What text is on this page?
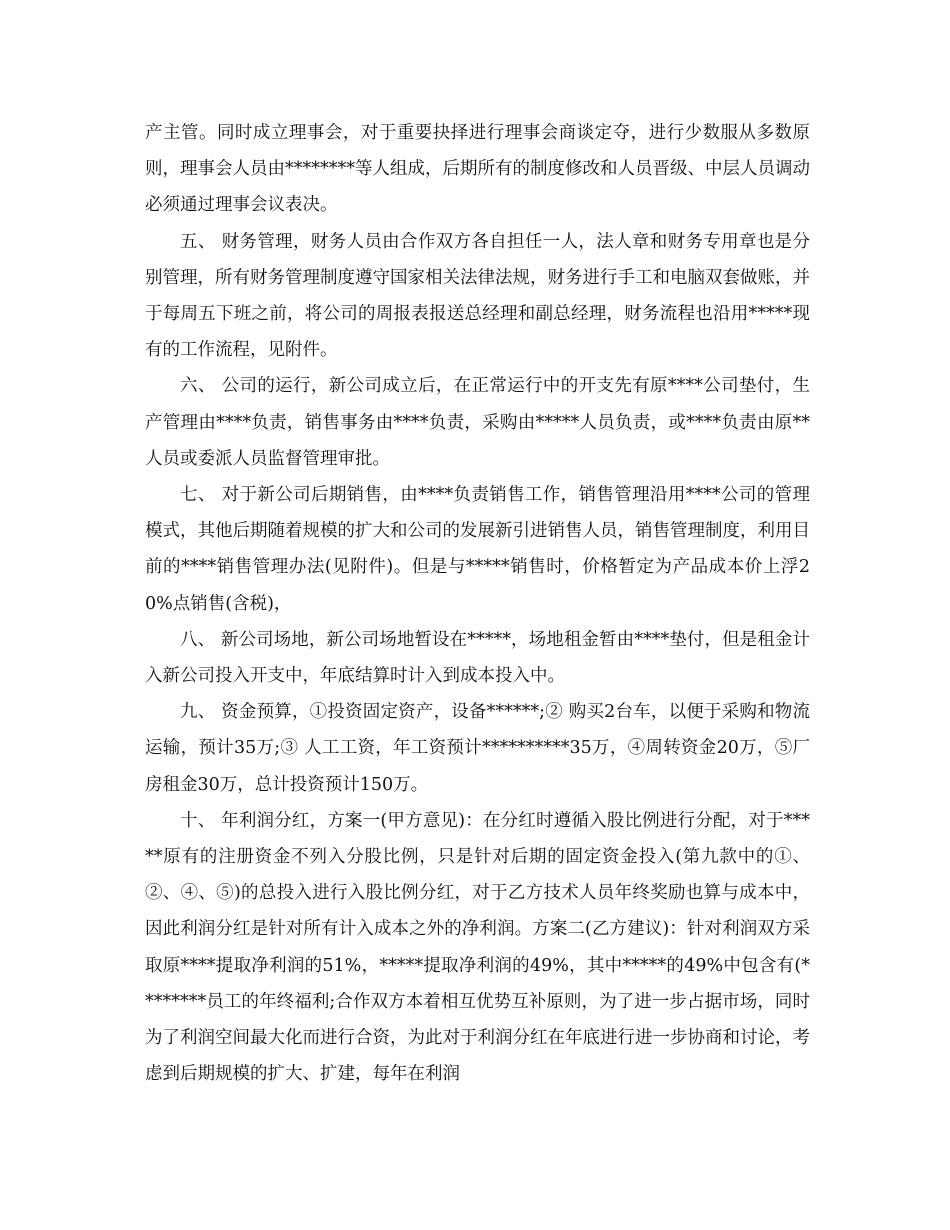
产主管。同时成立理事会，对于重要抉择进行理事会商谈定夺，进行少数服从多数原则，理事会人员由********等人组成，后期所有的制度修改和人员晋级、中层人员调动必须通过理事会议表决。

五、 财务管理，财务人员由合作双方各自担任一人，法人章和财务专用章也是分别管理，所有财务管理制度遵守国家相关法律法规，财务进行手工和电脑双套做账，并于每周五下班之前，将公司的周报表报送总经理和副总经理，财务流程也沿用*****现有的工作流程，见附件。

六、 公司的运行，新公司成立后，在正常运行中的开支先有原****公司垫付，生产管理由****负责，销售事务由****负责，采购由*****人员负责，或****负责由原**人员或委派人员监督管理审批。

七、 对于新公司后期销售，由****负责销售工作，销售管理沿用****公司的管理模式，其他后期随着规模的扩大和公司的发展新引进销售人员，销售管理制度，利用目前的****销售管理办法(见附件)。但是与*****销售时，价格暂定为产品成本价上浮20%点销售(含税)，

八、 新公司场地，新公司场地暂设在*****，场地租金暂由****垫付，但是租金计入新公司投入开支中，年底结算时计入到成本投入中。

九、 资金预算，①投资固定资产，设备******;② 购买2台车，以便于采购和物流运输，预计35万;③ 人工工资，年工资预计**********35万，④周转资金20万，⑤厂房租金30万，总计投资预计150万。

十、 年利润分红，方案一(甲方意见)：在分红时遵循入股比例进行分配，对于*****原有的注册资金不列入分股比例，只是针对后期的固定资金投入(第九款中的①、②、④、⑤)的总投入进行入股比例分红，对于乙方技术人员年终奖励也算与成本中，因此利润分红是针对所有计入成本之外的净利润。方案二(乙方建议)：针对利润双方采取原****提取净利润的51%，*****提取净利润的49%，其中*****的49%中包含有(********员工的年终福利;合作双方本着相互优势互补原则，为了进一步占据市场，同时为了利润空间最大化而进行合资，为此对于利润分红在年底进行进一步协商和讨论，考虑到后期规模的扩大、扩建，每年在利润
